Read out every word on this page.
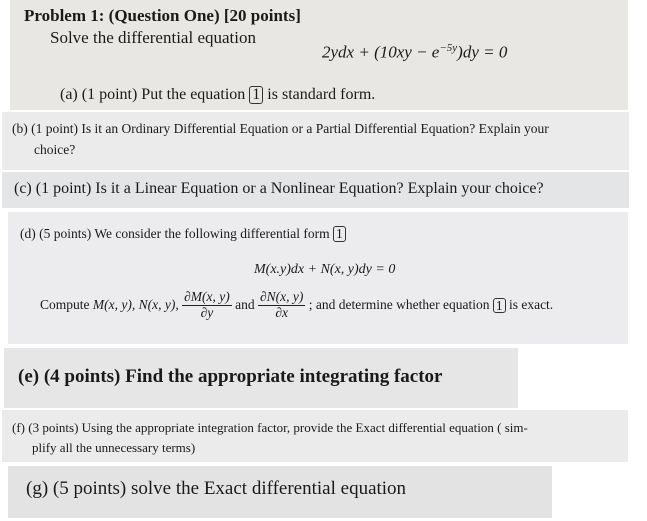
Problem 1: (Question One) [20 points]
Solve the differential equation
$2ydx + (10xy - e^{-5y})dy = 0$
(a) (1 point) Put the equation 1 is standard form.
(b) (1 point) Is it an Ordinary Differential Equation or a Partial Differential Equation? Explain your
choice?
(c) (1 point) Is it a Linear Equation or a Nonlinear Equation? Explain your choice?
(d) (5 points) We consider the following differential form 1
M(x.y)dx + N(x, y)dy = 0
Compute M(x, y), N(x, y), $\frac{\partial M(x, y)}{\partial y}$ and $\frac{\partial N(x, y)}{\partial x}$ ; and determine whether equation 1 is exact.
(e) (4 points) Find the appropriate integrating factor
(f) (3 points) Using the appropriate integration factor, provide the Exact differential equation ( sim-
plify all the unnecessary terms)
(g) (5 points) solve the Exact differential equation
